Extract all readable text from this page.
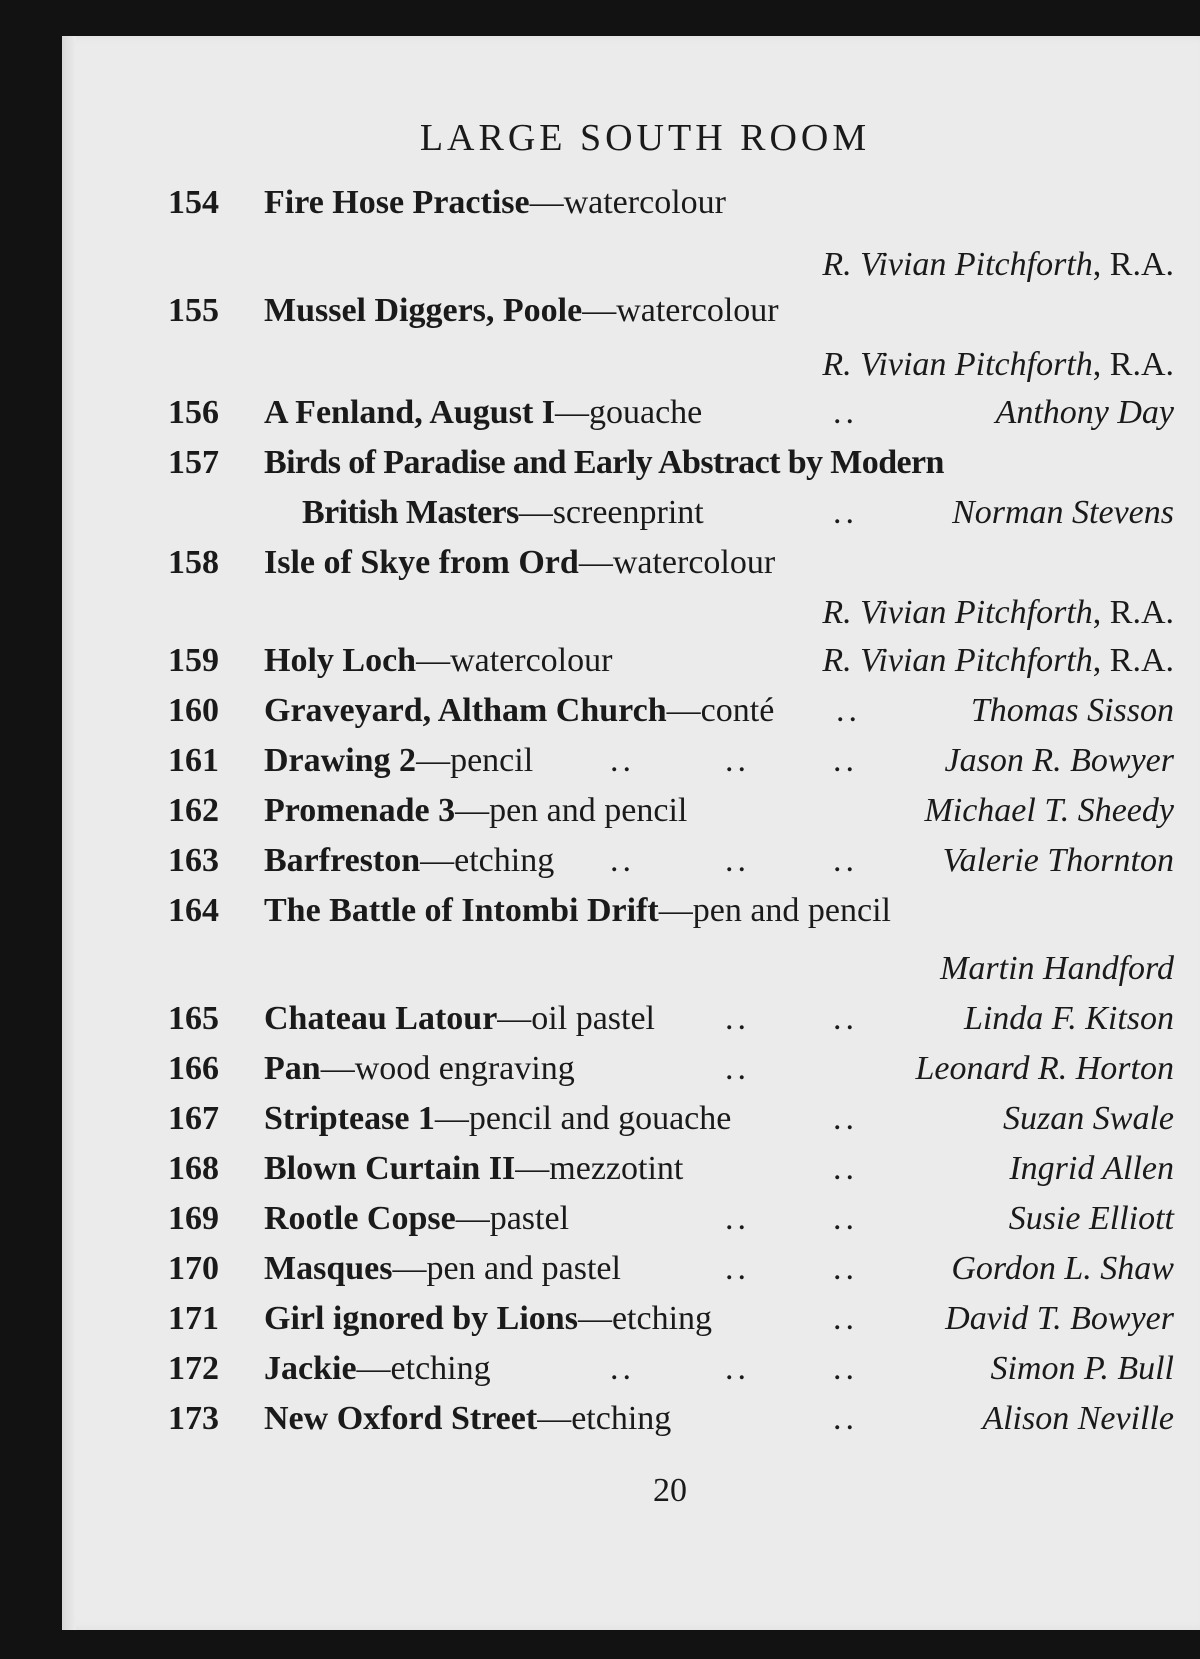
LARGE SOUTH ROOM
154 Fire Hose Practise—watercolour
R. Vivian Pitchforth, R.A.
155 Mussel Diggers, Poole—watercolour
R. Vivian Pitchforth, R.A.
156 A Fenland, August I—gouache	..	Anthony Day
157 Birds of Paradise and Early Abstract by Modern
British Masters—screenprint	..	Norman Stevens
158 Isle of Skye from Ord—watercolour
R. Vivian Pitchforth, R.A.
159 Holy Loch—watercolour	R. Vivian Pitchforth, R.A.
160 Graveyard, Altham Church—conté ..	Thomas Sisson
161 Drawing 2—pencil ..	.. ..	Jason R. Bowyer
162 Promenade 3—pen and pencil	Michael T. Sheedy
163 Barfreston—etching ..	.. .. Valerie Thornton
164 The Battle of Intombi Drift—pen and pencil
Martin Handford
165 Chateau Latour—oil pastel .. ..	Linda F. Kitson
166 Pan—wood engraving	..	Leonard R. Horton
167 Striptease 1—pencil and gouache	..	Suzan Swale
168 Blown Curtain II—mezzotint	..	Ingrid Allen
169 Rootle Copse—pastel	.. ..	Susie Elliott
170 Masques—pen and pastel	.. ..	Gordon L. Shaw
171 Girl ignored by Lions—etching	..	David T. Bowyer
172 Jackie—etching	..	.. ..	Simon P. Bull
173 New Oxford Street—etching	..	Alison Neville
20
